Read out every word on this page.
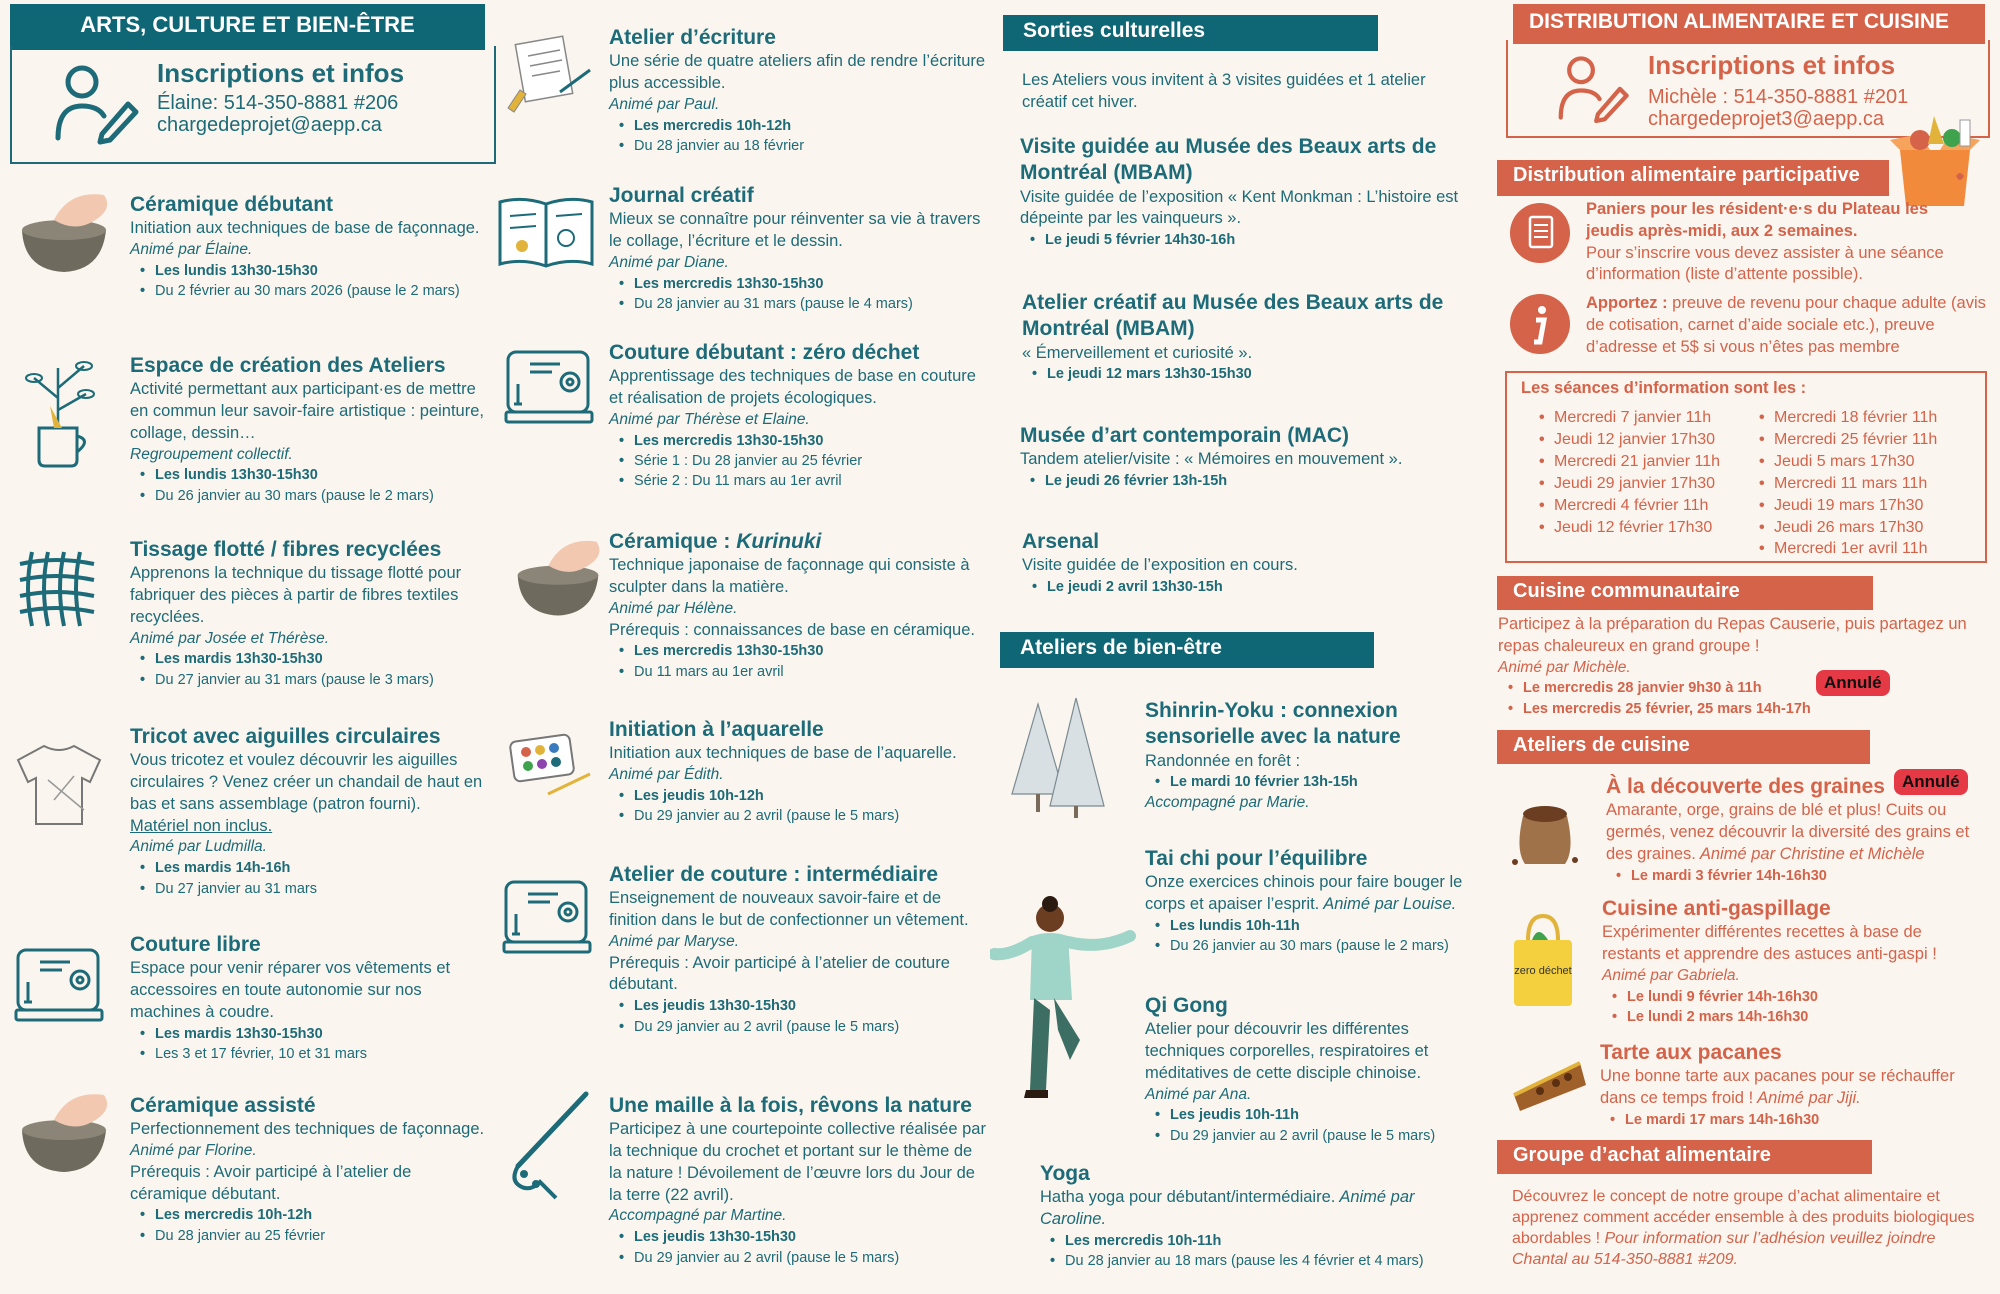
ARTS, CULTURE ET BIEN-ÊTRE
Inscriptions et infos
Élaine: 514-350-8881 #206
chargedeprojet@aepp.ca
Céramique débutant
Initiation aux techniques de base de façonnage.
Animé par Élaine.
• Les lundis 13h30-15h30
• Du 2 février au 30 mars 2026 (pause le 2 mars)
Espace de création des Ateliers
Activité permettant aux participant·es de mettre en commun leur savoir-faire artistique : peinture, collage, dessin…
Regroupement collectif.
• Les lundis 13h30-15h30
• Du 26 janvier au 30 mars (pause le 2 mars)
Tissage flotté / fibres recyclées
Apprenons la technique du tissage flotté pour fabriquer des pièces à partir de fibres textiles recyclées.
Animé par Josée et Thérèse.
• Les mardis 13h30-15h30
• Du 27 janvier au 31 mars (pause le 3 mars)
Tricot avec aiguilles circulaires
Vous tricotez et voulez découvrir les aiguilles circulaires ? Venez créer un chandail de haut en bas et sans assemblage (patron fourni).
Matériel non inclus.
Animé par Ludmilla.
• Les mardis 14h-16h
• Du 27 janvier au 31 mars
Couture libre
Espace pour venir réparer vos vêtements et accessoires en toute autonomie sur nos machines à coudre.
• Les mardis 13h30-15h30
• Les 3 et 17 février, 10 et 31 mars
Céramique assisté
Perfectionnement des techniques de façonnage.
Animé par Florine.
Prérequis : Avoir participé à l’atelier de céramique débutant.
• Les mercredis 10h-12h
• Du 28 janvier au 25 février
Atelier d’écriture
Une série de quatre ateliers afin de rendre l’écriture plus accessible.
Animé par Paul.
• Les mercredis 10h-12h
• Du 28 janvier au 18 février
Journal créatif
Mieux se connaître pour réinventer sa vie à travers le collage, l’écriture et le dessin.
Animé par Diane.
• Les mercredis 13h30-15h30
• Du 28 janvier au 31 mars (pause le 4 mars)
Couture débutant : zéro déchet
Apprentissage des techniques de base en couture et réalisation de projets écologiques.
Animé par Thérèse et Elaine.
• Les mercredis 13h30-15h30
• Série 1 : Du 28 janvier au 25 février
• Série 2 : Du 11 mars au 1er avril
Céramique : Kurinuki
Technique japonaise de façonnage qui consiste à sculpter dans la matière.
Animé par Hélène.
Prérequis : connaissances de base en céramique.
• Les mercredis 13h30-15h30
• Du 11 mars au 1er avril
Initiation à l’aquarelle
Initiation aux techniques de base de l’aquarelle.
Animé par Édith.
• Les jeudis 10h-12h
• Du 29 janvier au 2 avril (pause le 5 mars)
Atelier de couture : intermédiaire
Enseignement de nouveaux savoir-faire et de finition dans le but de confectionner un vêtement.
Animé par Maryse.
Prérequis : Avoir participé à l’atelier de couture débutant.
• Les jeudis 13h30-15h30
• Du 29 janvier au 2 avril (pause le 5 mars)
Une maille à la fois, rêvons la nature
Participez à une courtepointe collective réalisée par la technique du crochet et portant sur le thème de la nature ! Dévoilement de l’œuvre lors du Jour de la terre (22 avril).
Accompagné par Martine.
• Les jeudis 13h30-15h30
• Du 29 janvier au 2 avril (pause le 5 mars)
Sorties culturelles
Les Ateliers vous invitent à 3 visites guidées et 1 atelier créatif cet hiver.
Visite guidée au Musée des Beaux arts de Montréal (MBAM)
Visite guidée de l’exposition « Kent Monkman : L’histoire est dépeinte par les vainqueurs ».
• Le jeudi 5 février 14h30-16h
Atelier créatif au Musée des Beaux arts de Montréal (MBAM)
« Émerveillement et curiosité ».
• Le jeudi 12 mars 13h30-15h30
Musée d’art contemporain (MAC)
Tandem atelier/visite : « Mémoires en mouvement ».
• Le jeudi 26 février 13h-15h
Arsenal
Visite guidée de l’exposition en cours.
• Le jeudi 2 avril 13h30-15h
Ateliers de bien-être
Shinrin-Yoku : connexion sensorielle avec la nature
Randonnée en forêt :
• Le mardi 10 février 13h-15h
Accompagné par Marie.
Tai chi pour l’équilibre
Onze exercices chinois pour faire bouger le corps et apaiser l’esprit. Animé par Louise.
• Les lundis 10h-11h
• Du 26 janvier au 30 mars (pause le 2 mars)
Qi Gong
Atelier pour découvrir les différentes techniques corporelles, respiratoires et méditatives de cette disciple chinoise.
Animé par Ana.
• Les jeudis 10h-11h
• Du 29 janvier au 2 avril (pause le 5 mars)
Yoga
Hatha yoga pour débutant/intermédiaire. Animé par Caroline.
• Les mercredis 10h-11h
• Du 28 janvier au 18 mars (pause les 4 février et 4 mars)
DISTRIBUTION ALIMENTAIRE ET CUISINE
Inscriptions et infos
Michèle : 514-350-8881 #201
chargedeprojet3@aepp.ca
Distribution alimentaire participative
Paniers pour les résident·e·s du Plateau les jeudis après-midi, aux 2 semaines.
Pour s’inscrire vous devez assister à une séance d’information (liste d’attente possible).
Apportez : preuve de revenu pour chaque adulte (avis de cotisation, carnet d’aide sociale etc.), preuve d’adresse et 5$ si vous n’êtes pas membre
Les séances d’information sont les :
• Mercredi 7 janvier 11h
• Jeudi 12 janvier 17h30
• Mercredi 21 janvier 11h
• Jeudi 29 janvier 17h30
• Mercredi 4 février 11h
• Jeudi 12 février 17h30
• Mercredi 18 février 11h
• Mercredi 25 février 11h
• Jeudi 5 mars 17h30
• Mercredi 11 mars 11h
• Jeudi 19 mars 17h30
• Jeudi 26 mars 17h30
• Mercredi 1er avril 11h
Cuisine communautaire
Participez à la préparation du Repas Causerie, puis partagez un repas chaleureux en grand groupe !
Animé par Michèle.
• Le mercredis 28 janvier 9h30 à 11h
• Les mercredis 25 février, 25 mars 14h-17h
Annulé
Ateliers de cuisine
À la découverte des graines
Amarante, orge, grains de blé et plus! Cuits ou germés, venez découvrir la diversité des grains et des graines. Animé par Christine et Michèle
• Le mardi 3 février 14h-16h30
Annulé
zero déchet
Cuisine anti-gaspillage
Expérimenter différentes recettes à base de restants et apprendre des astuces anti-gaspi !
Animé par Gabriela.
• Le lundi 9 février 14h-16h30
• Le lundi 2 mars 14h-16h30
Tarte aux pacanes
Une bonne tarte aux pacanes pour se réchauffer dans ce temps froid ! Animé par Jiji.
• Le mardi 17 mars 14h-16h30
Groupe d’achat alimentaire
Découvrez le concept de notre groupe d’achat alimentaire et apprenez comment accéder ensemble à des produits biologiques abordables ! Pour information sur l’adhésion veuillez joindre Chantal au 514-350-8881 #209.
